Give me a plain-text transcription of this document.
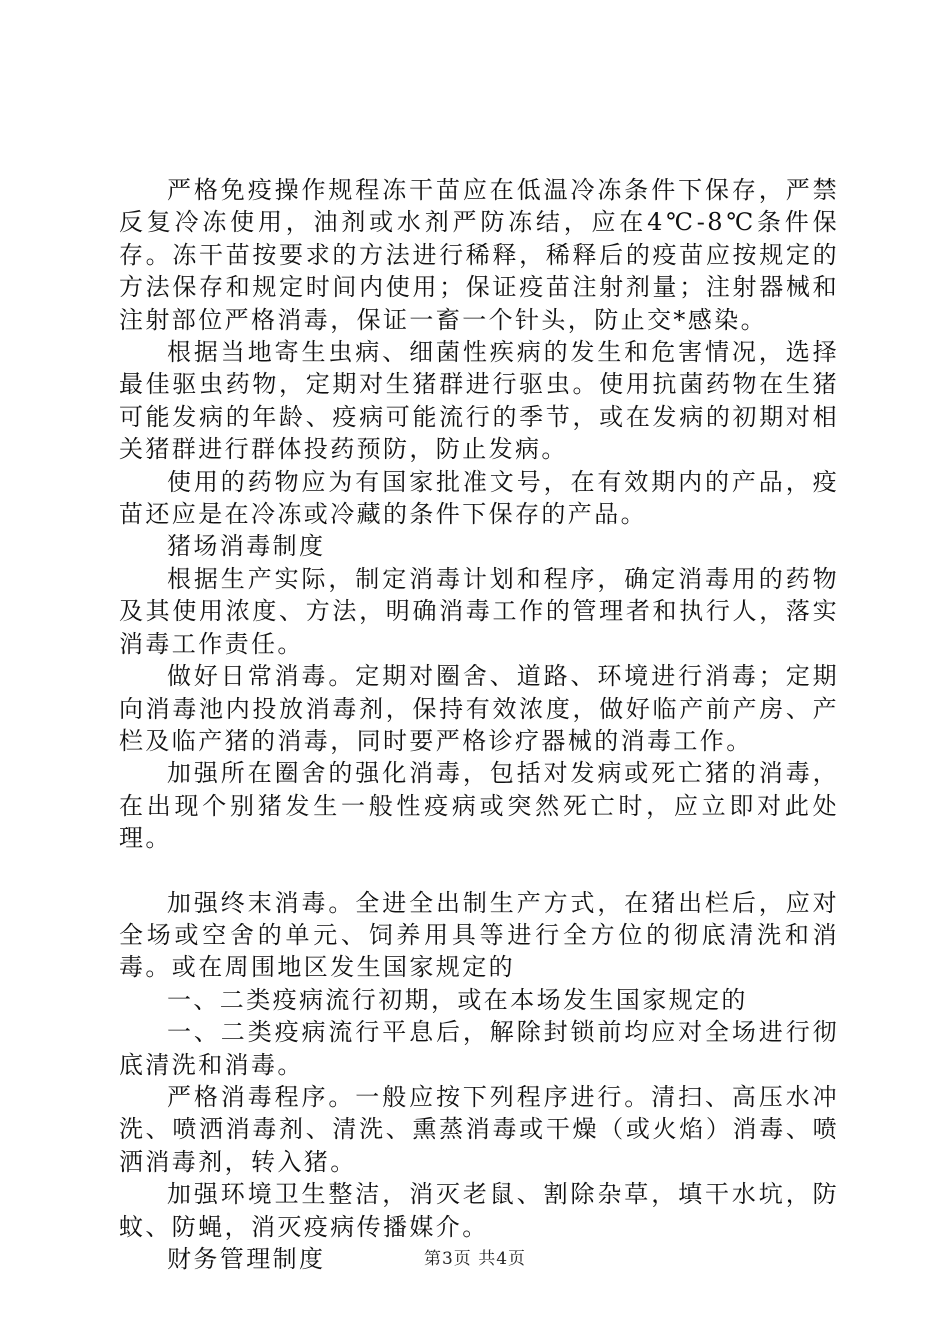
严格免疫操作规程冻干苗应在低温冷冻条件下保存，严禁反复冷冻使用，油剂或水剂严防冻结，应在4℃-8℃条件保存。冻干苗按要求的方法进行稀释，稀释后的疫苗应按规定的方法保存和规定时间内使用；保证疫苗注射剂量；注射器械和注射部位严格消毒，保证一畜一个针头，防止交*感染。

根据当地寄生虫病、细菌性疾病的发生和危害情况，选择最佳驱虫药物，定期对生猪群进行驱虫。使用抗菌药物在生猪可能发病的年龄、疫病可能流行的季节，或在发病的初期对相关猪群进行群体投药预防，防止发病。

使用的药物应为有国家批准文号，在有效期内的产品，疫苗还应是在冷冻或冷藏的条件下保存的产品。

猪场消毒制度

根据生产实际，制定消毒计划和程序，确定消毒用的药物及其使用浓度、方法，明确消毒工作的管理者和执行人，落实消毒工作责任。

做好日常消毒。定期对圈舍、道路、环境进行消毒；定期向消毒池内投放消毒剂，保持有效浓度，做好临产前产房、产栏及临产猪的消毒，同时要严格诊疗器械的消毒工作。

加强所在圈舍的强化消毒，包括对发病或死亡猪的消毒，在出现个别猪发生一般性疫病或突然死亡时，应立即对此处理。

加强终末消毒。全进全出制生产方式，在猪出栏后，应对全场或空舍的单元、饲养用具等进行全方位的彻底清洗和消毒。或在周围地区发生国家规定的

一、二类疫病流行初期，或在本场发生国家规定的

一、二类疫病流行平息后，解除封锁前均应对全场进行彻底清洗和消毒。

严格消毒程序。一般应按下列程序进行。清扫、高压水冲洗、喷洒消毒剂、清洗、熏蒸消毒或干燥（或火焰）消毒、喷洒消毒剂，转入猪。

加强环境卫生整洁，消灭老鼠、割除杂草，填干水坑，防蚊、防蝇，消灭疫病传播媒介。

财务管理制度	第3页 共4页
